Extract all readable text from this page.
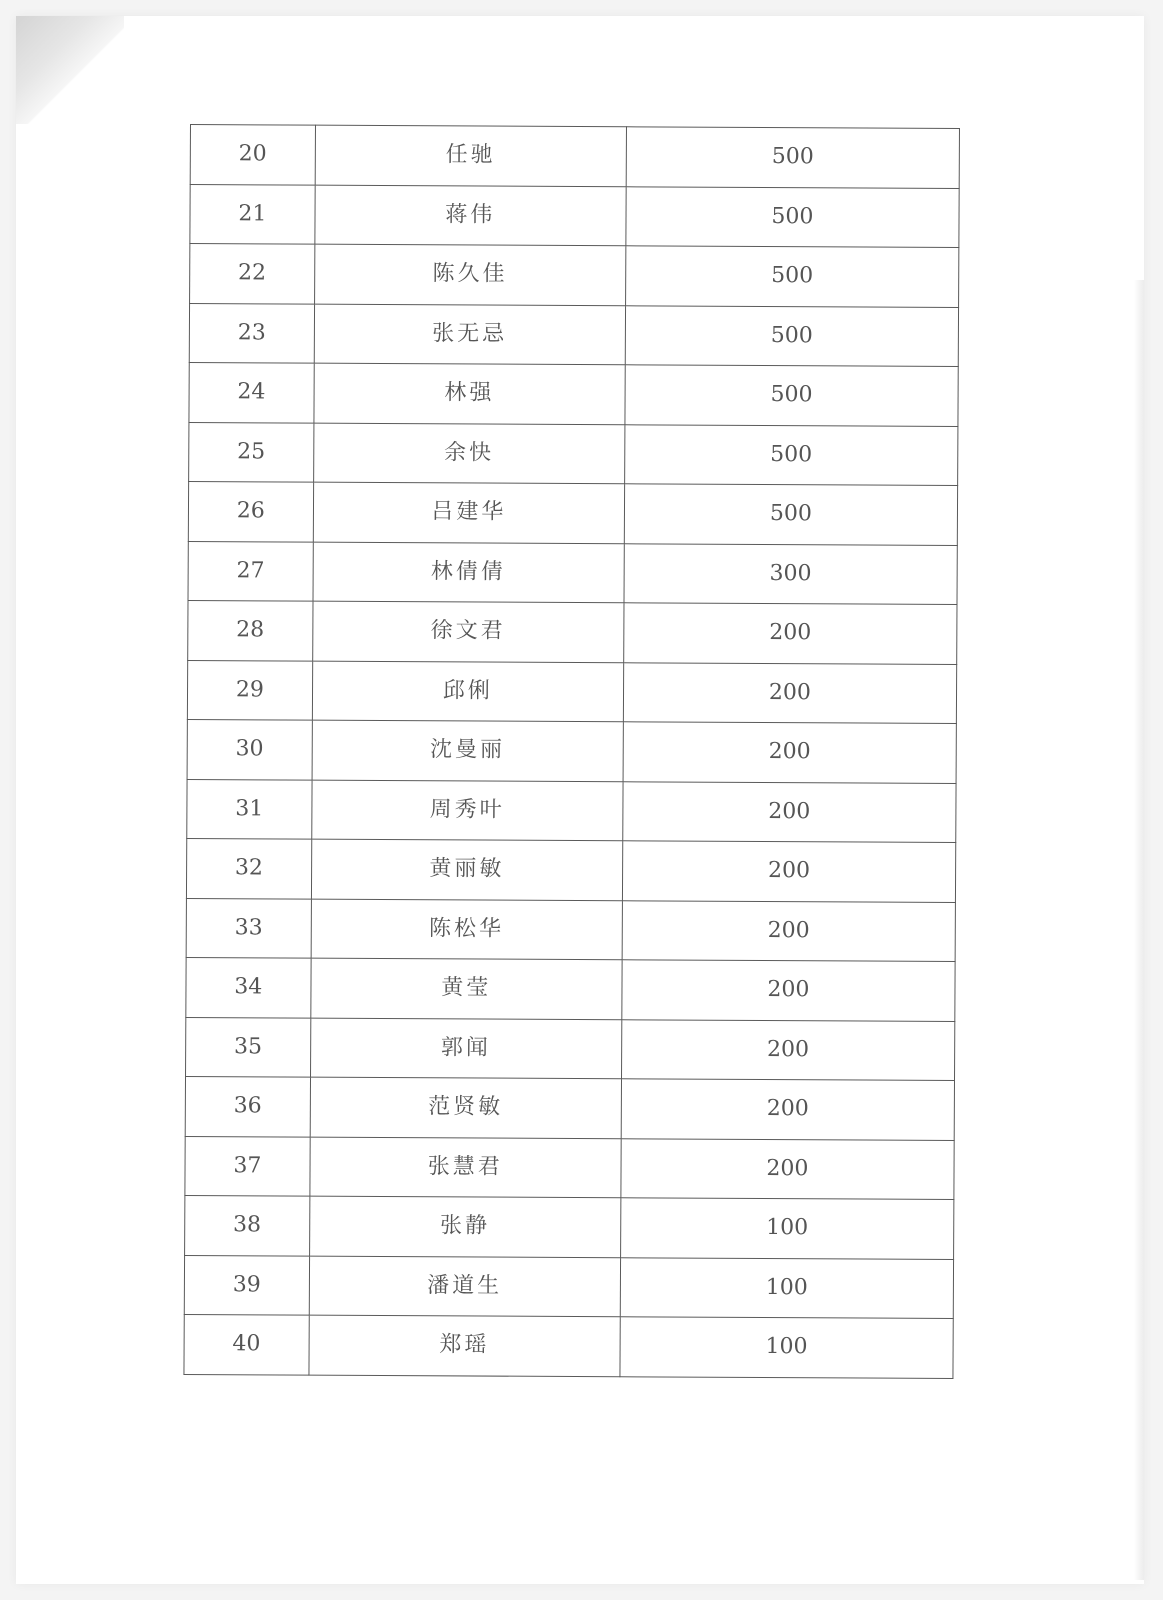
20	任驰	500
21	蒋伟	500
22	陈久佳	500
23	张无忌	500
24	林强	500
25	余快	500
26	吕建华	500
27	林倩倩	300
28	徐文君	200
29	邱俐	200
30	沈曼丽	200
31	周秀叶	200
32	黄丽敏	200
33	陈松华	200
34	黄莹	200
35	郭闻	200
36	范贤敏	200
37	张慧君	200
38	张静	100
39	潘道生	100
40	郑瑶	100
